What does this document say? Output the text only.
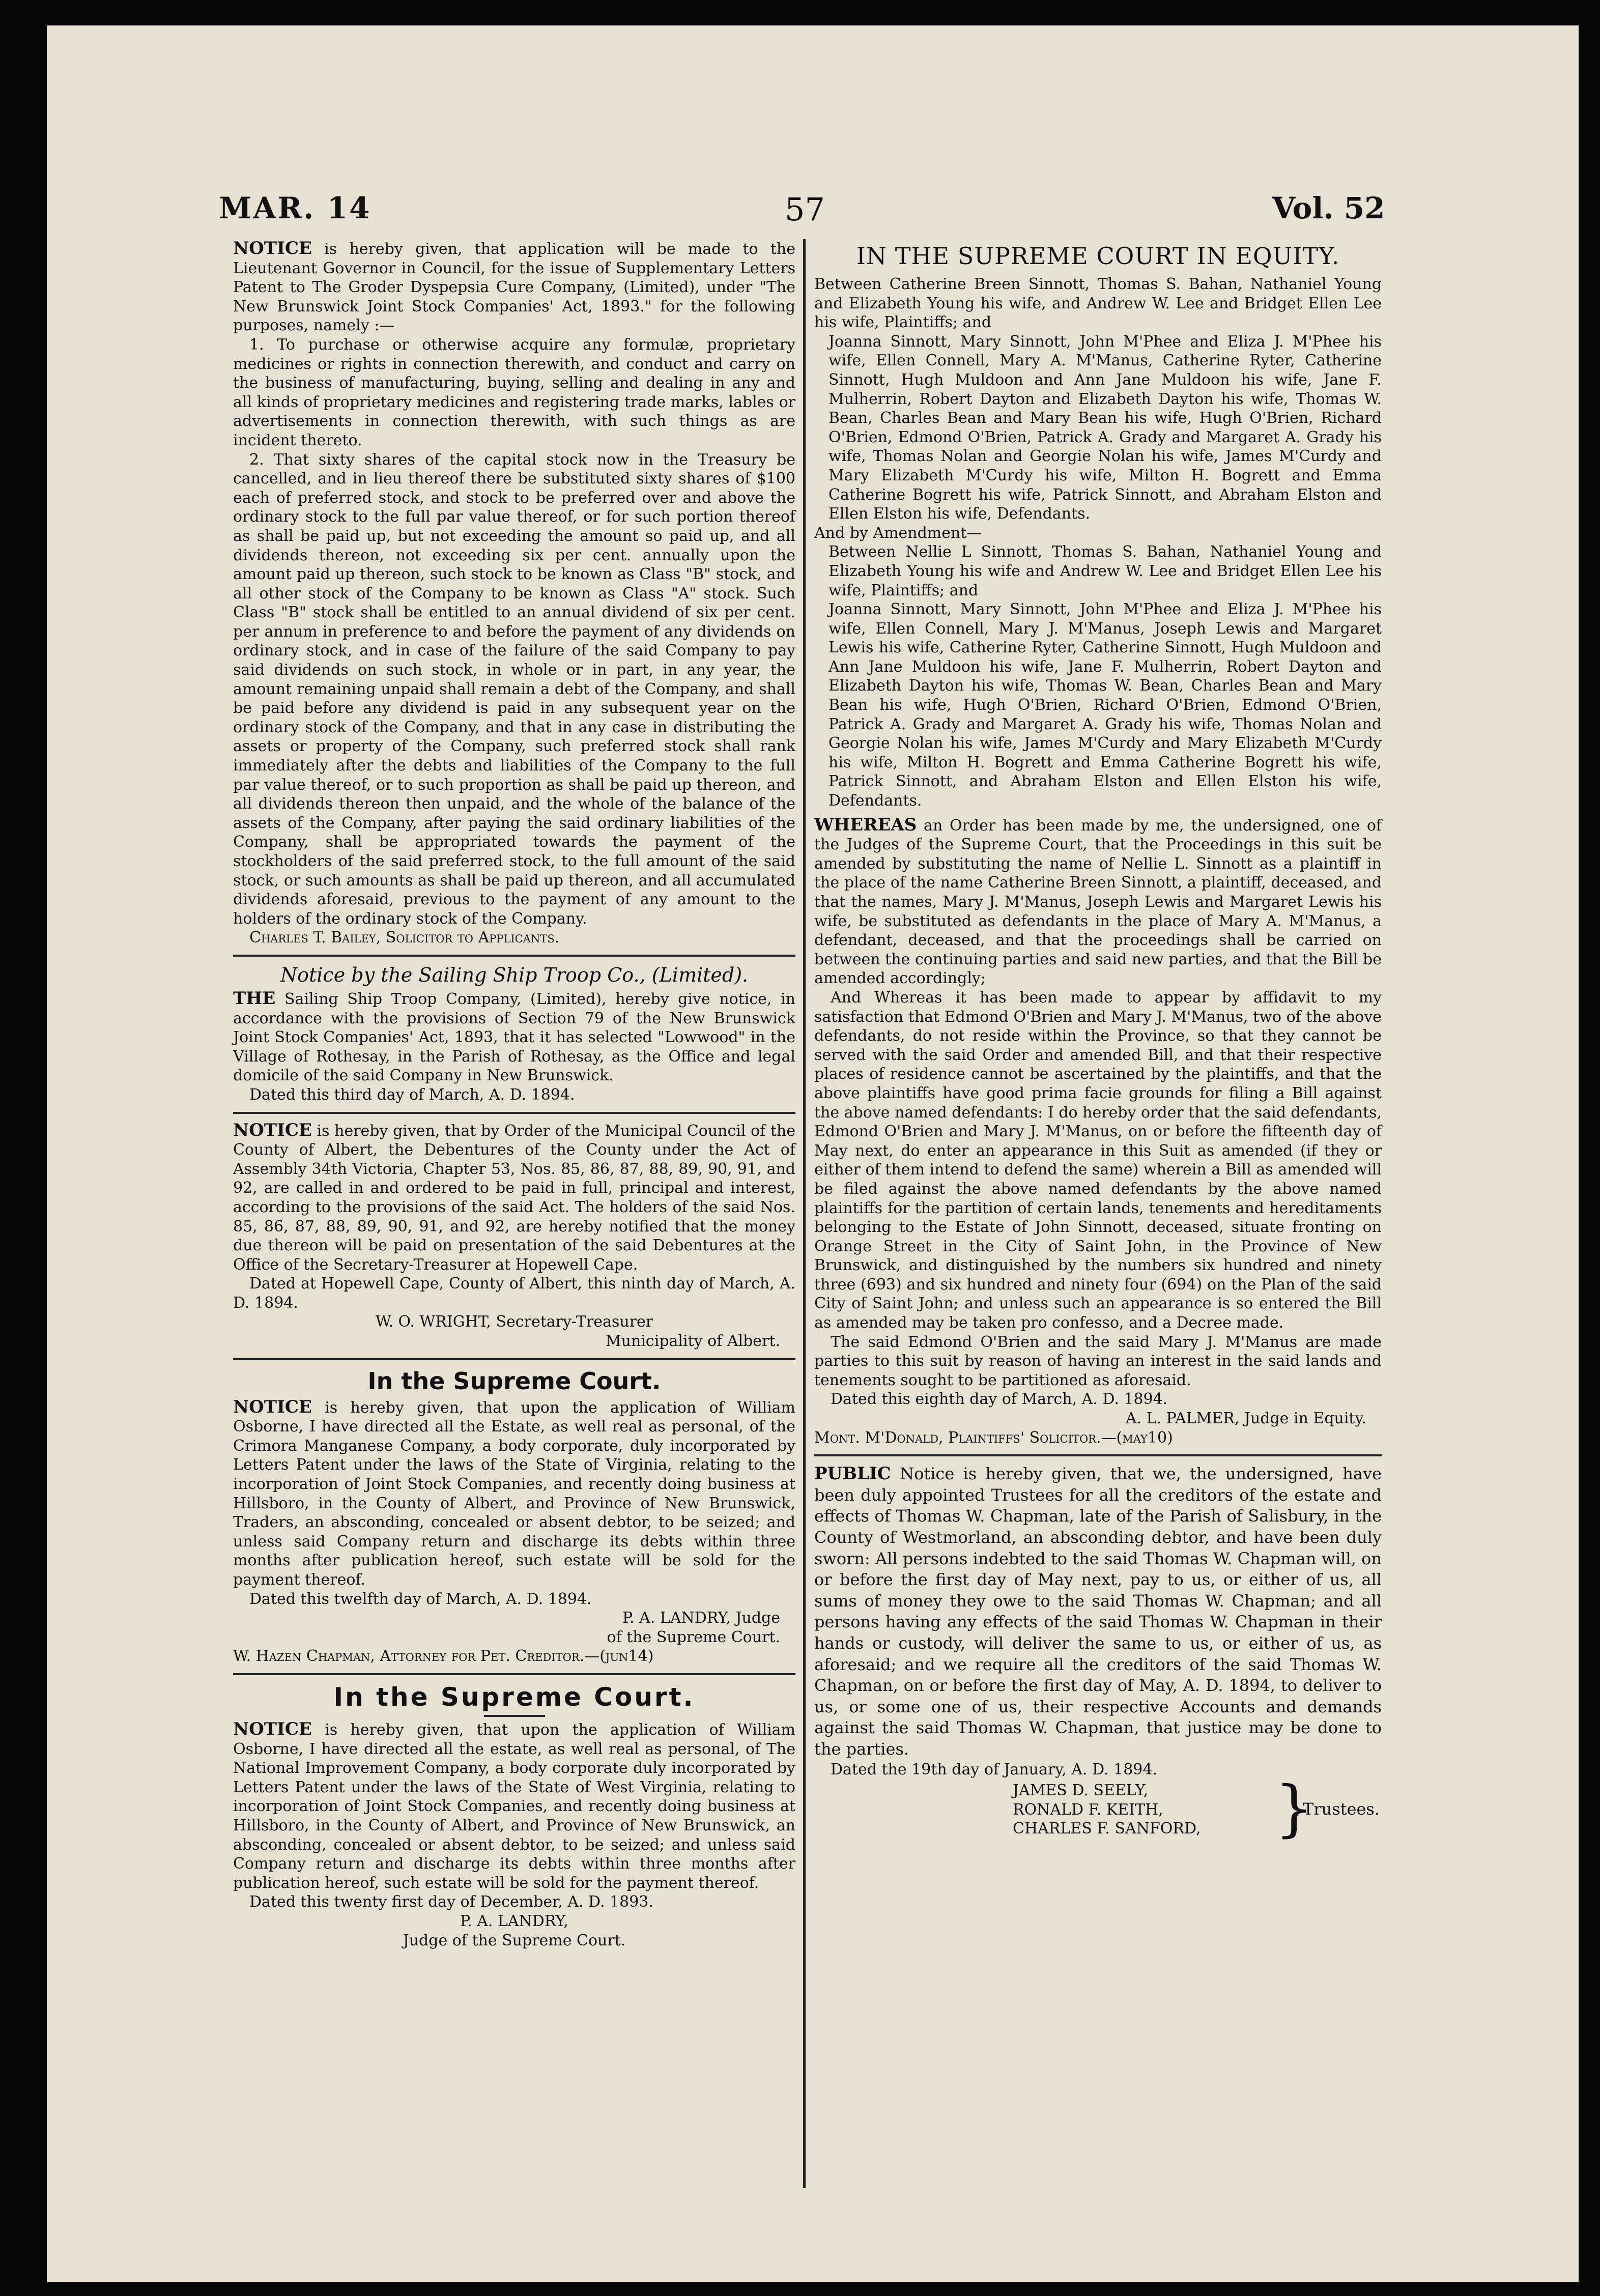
MAR. 14	57	Vol. 52

NOTICE is hereby given, that application will be made to the Lieutenant Governor in Council, for the issue of Supplementary Letters Patent to The Groder Dyspepsia Cure Company, (Limited), under "The New Brunswick Joint Stock Companies' Act, 1893." for the following purposes, namely :—

1. To purchase or otherwise acquire any formulæ, proprietary medicines or rights in connection therewith, and conduct and carry on the business of manufacturing, buying, selling and dealing in any and all kinds of proprietary medicines and registering trade marks, lables or advertisements in connection therewith, with such things as are incident thereto.

2. That sixty shares of the capital stock now in the Treasury be cancelled, and in lieu thereof there be substituted sixty shares of $100 each of preferred stock, and stock to be preferred over and above the ordinary stock to the full par value thereof, or for such portion thereof as shall be paid up, but not exceeding the amount so paid up, and all dividends thereon, not exceeding six per cent. annually upon the amount paid up thereon, such stock to be known as Class "B" stock, and all other stock of the Company to be known as Class "A" stock. Such Class "B" stock shall be entitled to an annual dividend of six per cent. per annum in preference to and before the payment of any dividends on ordinary stock, and in case of the failure of the said Company to pay said dividends on such stock, in whole or in part, in any year, the amount remaining unpaid shall remain a debt of the Company, and shall be paid before any dividend is paid in any subsequent year on the ordinary stock of the Company, and that in any case in distributing the assets or property of the Company, such preferred stock shall rank immediately after the debts and liabilities of the Company to the full par value thereof, or to such proportion as shall be paid up thereon, and all dividends thereon then unpaid, and the whole of the balance of the assets of the Company, after paying the said ordinary liabilities of the Company, shall be appropriated towards the payment of the stockholders of the said preferred stock, to the full amount of the said stock, or such amounts as shall be paid up thereon, and all accumulated dividends aforesaid, previous to the payment of any amount to the holders of the ordinary stock of the Company.

Charles T. Bailey, Solicitor to Applicants.

Notice by the Sailing Ship Troop Co., (Limited).

THE Sailing Ship Troop Company, (Limited), hereby give notice, in accordance with the provisions of Section 79 of the New Brunswick Joint Stock Companies' Act, 1893, that it has selected "Lowwood" in the Village of Rothesay, in the Parish of Rothesay, as the Office and legal domicile of the said Company in New Brunswick.

Dated this third day of March, A. D. 1894.

NOTICE is hereby given, that by Order of the Municipal Council of the County of Albert, the Debentures of the County under the Act of Assembly 34th Victoria, Chapter 53, Nos. 85, 86, 87, 88, 89, 90, 91, and 92, are called in and ordered to be paid in full, principal and interest, according to the provisions of the said Act. The holders of the said Nos. 85, 86, 87, 88, 89, 90, 91, and 92, are hereby notified that the money due thereon will be paid on presentation of the said Debentures at the Office of the Secretary-Treasurer at Hopewell Cape.

Dated at Hopewell Cape, County of Albert, this ninth day of March, A. D. 1894.

W. O. WRIGHT, Secretary-Treasurer

Municipality of Albert.

In the Supreme Court.

NOTICE is hereby given, that upon the application of William Osborne, I have directed all the Estate, as well real as personal, of the Crimora Manganese Company, a body corporate, duly incorporated by Letters Patent under the laws of the State of Virginia, relating to the incorporation of Joint Stock Companies, and recently doing business at Hillsboro, in the County of Albert, and Province of New Brunswick, Traders, an absconding, concealed or absent debtor, to be seized; and unless said Company return and discharge its debts within three months after publication hereof, such estate will be sold for the payment thereof.

Dated this twelfth day of March, A. D. 1894.

P. A. LANDRY, Judge

of the Supreme Court.

W. Hazen Chapman, Attorney for Pet. Creditor.—(jun14)

In the Supreme Court.

NOTICE is hereby given, that upon the application of William Osborne, I have directed all the estate, as well real as personal, of The National Improvement Company, a body corporate duly incorporated by Letters Patent under the laws of the State of West Virginia, relating to incorporation of Joint Stock Companies, and recently doing business at Hillsboro, in the County of Albert, and Province of New Brunswick, an absconding, concealed or absent debtor, to be seized; and unless said Company return and discharge its debts within three months after publication hereof, such estate will be sold for the payment thereof.

Dated this twenty first day of December, A. D. 1893.

P. A. LANDRY,

Judge of the Supreme Court.

IN THE SUPREME COURT IN EQUITY.

Between Catherine Breen Sinnott, Thomas S. Bahan, Nathaniel Young and Elizabeth Young his wife, and Andrew W. Lee and Bridget Ellen Lee his wife, Plaintiffs; and

Joanna Sinnott, Mary Sinnott, John M'Phee and Eliza J. M'Phee his wife, Ellen Connell, Mary A. M'Manus, Catherine Ryter, Catherine Sinnott, Hugh Muldoon and Ann Jane Muldoon his wife, Jane F. Mulherrin, Robert Dayton and Elizabeth Dayton his wife, Thomas W. Bean, Charles Bean and Mary Bean his wife, Hugh O'Brien, Richard O'Brien, Edmond O'Brien, Patrick A. Grady and Margaret A. Grady his wife, Thomas Nolan and Georgie Nolan his wife, James M'Curdy and Mary Elizabeth M'Curdy his wife, Milton H. Bogrett and Emma Catherine Bogrett his wife, Patrick Sinnott, and Abraham Elston and Ellen Elston his wife, Defendants.

And by Amendment—

Between Nellie L Sinnott, Thomas S. Bahan, Nathaniel Young and Elizabeth Young his wife and Andrew W. Lee and Bridget Ellen Lee his wife, Plaintiffs; and

Joanna Sinnott, Mary Sinnott, John M'Phee and Eliza J. M'Phee his wife, Ellen Connell, Mary J. M'Manus, Joseph Lewis and Margaret Lewis his wife, Catherine Ryter, Catherine Sinnott, Hugh Muldoon and Ann Jane Muldoon his wife, Jane F. Mulherrin, Robert Dayton and Elizabeth Dayton his wife, Thomas W. Bean, Charles Bean and Mary Bean his wife, Hugh O'Brien, Richard O'Brien, Edmond O'Brien, Patrick A. Grady and Margaret A. Grady his wife, Thomas Nolan and Georgie Nolan his wife, James M'Curdy and Mary Elizabeth M'Curdy his wife, Milton H. Bogrett and Emma Catherine Bogrett his wife, Patrick Sinnott, and Abraham Elston and Ellen Elston his wife, Defendants.

WHEREAS an Order has been made by me, the undersigned, one of the Judges of the Supreme Court, that the Proceedings in this suit be amended by substituting the name of Nellie L. Sinnott as a plaintiff in the place of the name Catherine Breen Sinnott, a plaintiff, deceased, and that the names, Mary J. M'Manus, Joseph Lewis and Margaret Lewis his wife, be substituted as defendants in the place of Mary A. M'Manus, a defendant, deceased, and that the proceedings shall be carried on between the continuing parties and said new parties, and that the Bill be amended accordingly;

And Whereas it has been made to appear by affidavit to my satisfaction that Edmond O'Brien and Mary J. M'Manus, two of the above defendants, do not reside within the Province, so that they cannot be served with the said Order and amended Bill, and that their respective places of residence cannot be ascertained by the plaintiffs, and that the above plaintiffs have good prima facie grounds for filing a Bill against the above named defendants: I do hereby order that the said defendants, Edmond O'Brien and Mary J. M'Manus, on or before the fifteenth day of May next, do enter an appearance in this Suit as amended (if they or either of them intend to defend the same) wherein a Bill as amended will be filed against the above named defendants by the above named plaintiffs for the partition of certain lands, tenements and hereditaments belonging to the Estate of John Sinnott, deceased, situate fronting on Orange Street in the City of Saint John, in the Province of New Brunswick, and distinguished by the numbers six hundred and ninety three (693) and six hundred and ninety four (694) on the Plan of the said City of Saint John; and unless such an appearance is so entered the Bill as amended may be taken pro confesso, and a Decree made.

The said Edmond O'Brien and the said Mary J. M'Manus are made parties to this suit by reason of having an interest in the said lands and tenements sought to be partitioned as aforesaid.

Dated this eighth day of March, A. D. 1894.

A. L. PALMER, Judge in Equity.

Mont. M'Donald, Plaintiffs' Solicitor.—(may10)

PUBLIC Notice is hereby given, that we, the undersigned, have been duly appointed Trustees for all the creditors of the estate and effects of Thomas W. Chapman, late of the Parish of Salisbury, in the County of Westmorland, an absconding debtor, and have been duly sworn: All persons indebted to the said Thomas W. Chapman will, on or before the first day of May next, pay to us, or either of us, all sums of money they owe to the said Thomas W. Chapman; and all persons having any effects of the said Thomas W. Chapman in their hands or custody, will deliver the same to us, or either of us, as aforesaid; and we require all the creditors of the said Thomas W. Chapman, on or before the first day of May, A. D. 1894, to deliver to us, or some one of us, their respective Accounts and demands against the said Thomas W. Chapman, that justice may be done to the parties.

Dated the 19th day of January, A. D. 1894.

JAMES D. SEELY,

RONALD F. KEITH,

CHARLES F. SANFORD,	}
Trustees.
